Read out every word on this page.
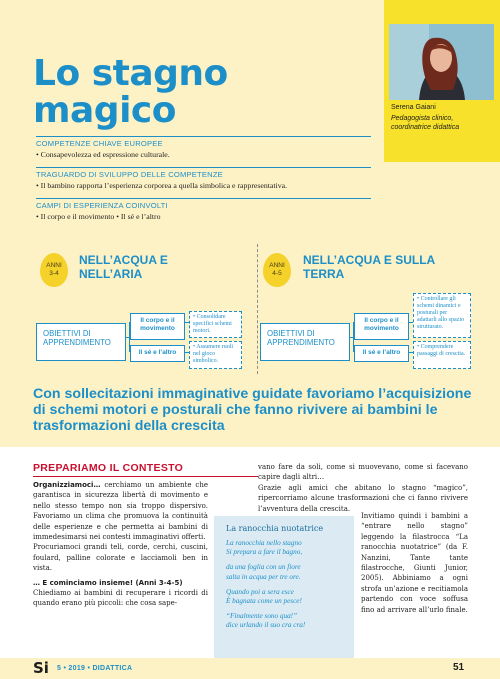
Serena Gaiani
Pedagogista clinico, coordinatrice didattica
Lo stagno
magico
COMPETENZE CHIAVE EUROPEE
• Consapevolezza ed espressione culturale.
TRAGUARDO DI SVILUPPO DELLE COMPETENZE
• Il bambino rapporta l’esperienza corporea a quella simbolica e rappresentativa.
CAMPI DI ESPERIENZA COINVOLTI
• Il corpo e il movimento • Il sé e l’altro
ANNI
3-4
NELL’ACQUA E NELL’ARIA
OBIETTIVI DI APPRENDIMENTO
Il corpo e il movimento
Il sé e l’altro
• Consolidare specifici schemi motori.
• Assumere ruoli nel gioco simbolico.
ANNI
4-5
NELL’ACQUA E SULLA TERRA
OBIETTIVI DI APPRENDIMENTO
Il corpo e il movimento
Il sé e l’altro
• Controllare gli schemi dinamici e posturali per adattarli allo spazio strutturato.
• Comprendere passaggi di crescita.
Con sollecitazioni immaginative guidate favoriamo l’acquisizione di schemi motori e posturali che fanno rivivere ai bambini le trasformazioni della crescita
PREPARIAMO IL CONTESTO

Organizziamoci… cerchiamo un ambiente che garantisca in sicurezza libertà di movimento e nello stesso tempo non sia troppo dispersivo. Favoriamo un clima che promuova la continuità delle esperienze e che permetta ai bambini di immedesimarsi nei contesti immaginativi offerti.

Procuriamoci grandi teli, corde, cerchi, cuscini, foulard, palline colorate e lacciamoli ben in vista.

… E cominciamo insieme! (Anni 3-4-5)

Chiediamo ai bambini di recuperare i ricordi di quando erano più piccoli: che cosa sape-

vano fare da soli, come si muovevano, come si facevano capire dagli altri…

Grazie agli amici che abitano lo stagno “magico”, ripercorriamo alcune trasformazioni che ci fanno rivivere l’avventura della crescita.

Invitiamo quindi i bambini a “entrare nello stagno” leggendo la filastrocca “La ranocchia nuotatrice” (da F. Nanzini, Tante tante filastrocche, Giunti Junior, 2005). Abbiniamo a ogni strofa un’azione e recitiamola partendo con voce soffusa fino ad arrivare all’urlo finale.

La ranocchia nuotatrice
La ranocchia nello stagno
Si prepara a fare il bagno,
da una foglia con un fiore
salta in acqua per tre ore.
Quando poi a sera esce
È bagnata come un pesce!
“Finalmente sono qua!”
dice urlando il suo cra cra!
Si 5 • 2019 • DIDATTICA	51
